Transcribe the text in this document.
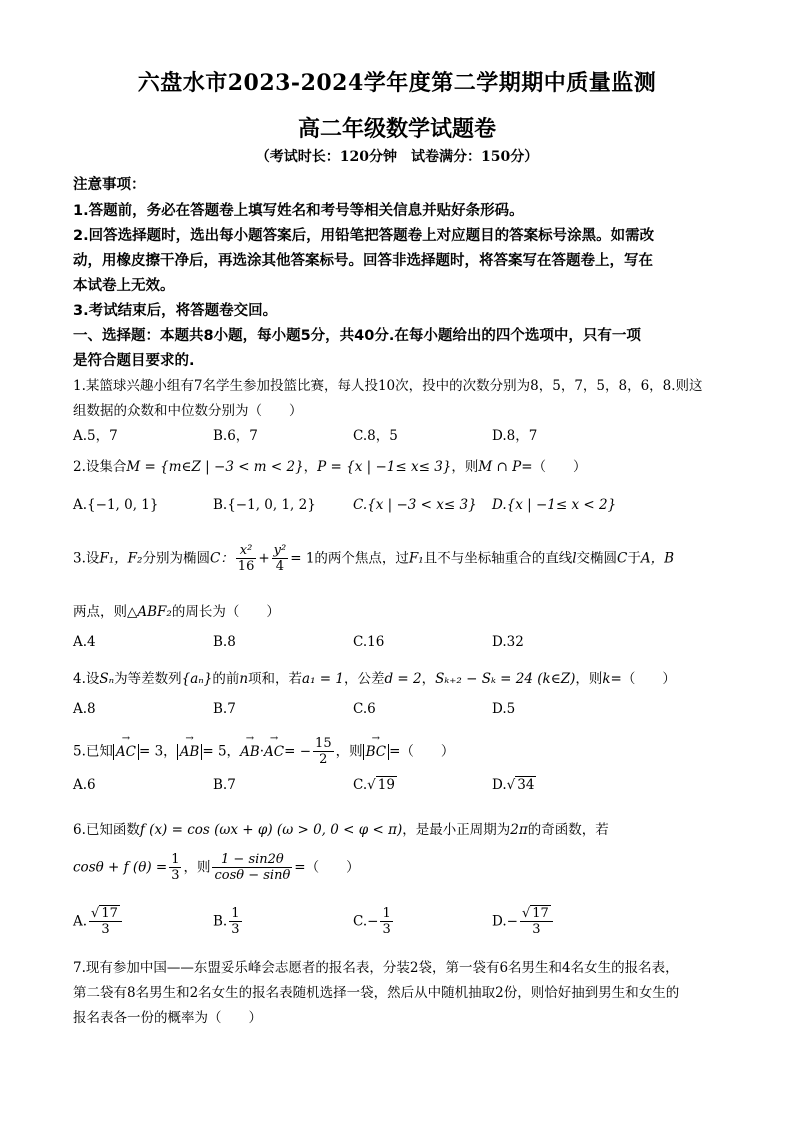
六盘水市2023-2024学年度第二学期期中质量监测
高二年级数学试题卷
（考试时长：120分钟　试卷满分：150分）
注意事项：
1.答题前，务必在答题卷上填写姓名和考号等相关信息并贴好条形码。
2.回答选择题时，选出每小题答案后，用铅笔把答题卷上对应题目的答案标号涂黑。如需改
动，用橡皮擦干净后，再选涂其他答案标号。回答非选择题时，将答案写在答题卷上，写在
本试卷上无效。
3.考试结束后，将答题卷交回。
一、选择题：本题共8小题，每小题5分，共40分.在每小题给出的四个选项中，只有一项
是符合题目要求的.
1.某篮球兴趣小组有7名学生参加投篮比赛，每人投10次，投中的次数分别为8，5，7，5，8，6，8.则这
组数据的众数和中位数分别为（　　）
A.5，7	B.6，7	C.8，5	D.8，7
2.设集合M = {m∈Z | −3 < m < 2}，P = {x | −1≤ x≤ 3}，则M ∩ P=（　　）
A.{−1, 0, 1}	B.{−1, 0, 1, 2}	C.{x | −3 < x≤ 3} D.{x | −1≤ x < 2}
3.设F₁，F₂分别为椭圆C： $\frac{\text{x²}}{16} + \frac{\text{y²}}{4} = 1$的两个焦点，过F₁且不与坐标轴重合的直线l交椭圆C于A，B
两点，则△ABF₂的周长为（　　）
A.4	B.8	C.16	D.32
4.设Sₙ为等差数列{aₙ}的前n项和，若a₁ = 1，公差d = 2，Sₖ₊₂ − Sₖ = 24 (k∈Z)，则k=（　　）
A.8	B.7	C.6	D.5
5.已知 → AC = 3， → AB = 5，→ $AB\cdot\to AC= - \frac{15}{2}$ ，则 → BC =（　　）
A.6	B.7	C.√ 19	D.√ 34
6.已知函数f (x) = cos (ωx + φ) (ω > 0, 0 < φ < π)，是最小正周期为2π的奇函数，若
cosθ + f $(\theta) = \frac{1}{3}$ ，则 $\frac{1 - \sin 2\theta}{\cos\theta - \sin\theta}$ =（　　）
A. $\frac{√ 17}{3}$	B. $\frac{1}{3}$	$C.- \frac{1}{3}$	$D.- \frac{√ 17}{3}$
7.现有参加中国——东盟妥乐峰会志愿者的报名表，分装2袋，第一袋有6名男生和4名女生的报名表，
第二袋有8名男生和2名女生的报名表随机选择一袋，然后从中随机抽取2份，则恰好抽到男生和女生的
报名表各一份的概率为（　　）
